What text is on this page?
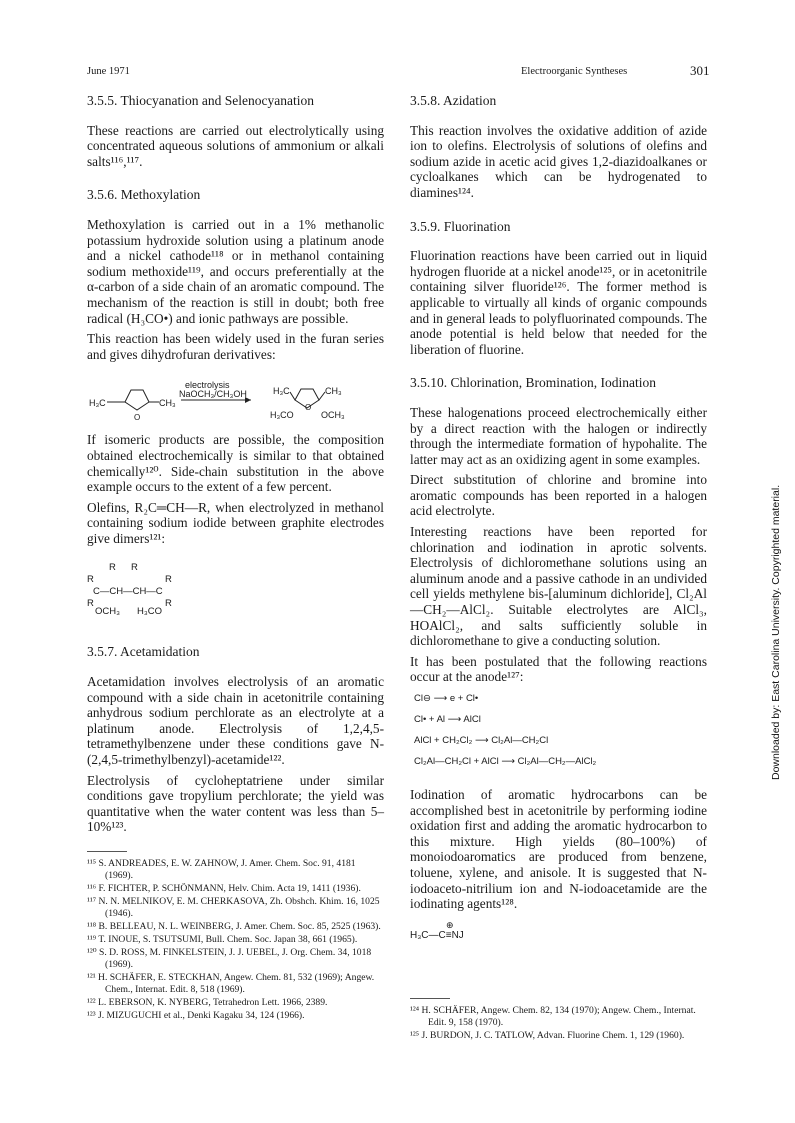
June 1971	Electroorganic Syntheses	301
3.5.5. Thiocyanation and Selenocyanation

These reactions are carried out electrolytically using concentrated aqueous solutions of ammonium or alkali salts¹¹⁶,¹¹⁷.

3.5.6. Methoxylation

Methoxylation is carried out in a 1% methanolic potassium hydroxide solution using a platinum anode and a nickel cathode¹¹⁸ or in methanol containing sodium methoxide¹¹⁹, and occurs preferentially at the α-carbon of a side chain of an aromatic compound. The mechanism of the reaction is still in doubt; both free radical (H₃CO•) and ionic pathways are possible.

This reaction has been widely used in the furan series and gives dihydrofuran derivatives:

H₃C	CH₃
O
electrolysis
NaOCH₃/CH₃OH	H₃C	CH₃
H₃CO
O
OCH₃

If isomeric products are possible, the composition obtained electrochemically is similar to that obtained chemically¹²⁰. Side-chain substitution in the above example occurs to the extent of a few percent.

Olefins, R₂C═CH—R, when electrolyzed in methanol containing sodium iodide between graphite electrodes give dimers¹²¹:

R R
R	R
C—CH—CH—C
R	R
OCH₃ H₃CO
3.5.7. Acetamidation

Acetamidation involves electrolysis of an aromatic compound with a side chain in acetonitrile containing anhydrous sodium perchlorate as an electrolyte at a platinum anode. Electrolysis of 1,2,4,5-tetramethylbenzene under these conditions gave N-(2,4,5-trimethylbenzyl)-acetamide¹²².

Electrolysis of cycloheptatriene under similar conditions gave tropylium perchlorate; the yield was quantitative when the water content was less than 5–10%¹²³.

¹¹⁵ S. ANDREADES, E. W. ZAHNOW, J. Amer. Chem. Soc. 91, 4181 (1969).
¹¹⁶ F. FICHTER, P. SCHÖNMANN, Helv. Chim. Acta 19, 1411 (1936).
¹¹⁷ N. N. MELNIKOV, E. M. CHERKASOVA, Zh. Obshch. Khim. 16, 1025 (1946).
¹¹⁸ B. BELLEAU, N. L. WEINBERG, J. Amer. Chem. Soc. 85, 2525 (1963).
¹¹⁹ T. INOUE, S. TSUTSUMI, Bull. Chem. Soc. Japan 38, 661 (1965).
¹²⁰ S. D. ROSS, M. FINKELSTEIN, J. J. UEBEL, J. Org. Chem. 34, 1018 (1969).
¹²¹ H. SCHÄFER, E. STECKHAN, Angew. Chem. 81, 532 (1969); Angew. Chem., Internat. Edit. 8, 518 (1969).
¹²² L. EBERSON, K. NYBERG, Tetrahedron Lett. 1966, 2389.
¹²³ J. MIZUGUCHI et al., Denki Kagaku 34, 124 (1966).
3.5.8. Azidation

This reaction involves the oxidative addition of azide ion to olefins. Electrolysis of solutions of olefins and sodium azide in acetic acid gives 1,2-diazidoalkanes or cycloalkanes which can be hydrogenated to diamines¹²⁴.

3.5.9. Fluorination

Fluorination reactions have been carried out in liquid hydrogen fluoride at a nickel anode¹²⁵, or in acetonitrile containing silver fluoride¹²⁶. The former method is applicable to virtually all kinds of organic compounds and in general leads to polyfluorinated compounds. The anode potential is held below that needed for the liberation of fluorine.

3.5.10. Chlorination, Bromination, Iodination

These halogenations proceed electrochemically either by a direct reaction with the halogen or indirectly through the intermediate formation of hypohalite. The latter may act as an oxidizing agent in some examples.

Direct substitution of chlorine and bromine into aromatic compounds has been reported in a halogen acid electrolyte.

Interesting reactions have been reported for chlorination and iodination in aprotic solvents. Electrolysis of dichloromethane solutions using an aluminum anode and a passive cathode in an undivided cell yields methylene bis-[aluminum dichloride], Cl₂Al—CH₂—AlCl₂. Suitable electrolytes are AlCl₃, HOAlCl₂, and salts sufficiently soluble in dichloromethane to give a conducting solution.

It has been postulated that the following reactions occur at the anode¹²⁷:

Cl⊖ ⟶ e + Cl•
Cl• + Al ⟶ AlCl
AlCl + CH₂Cl₂ ⟶ Cl₂Al—CH₂Cl
Cl₂Al—CH₂Cl + AlCl ⟶ Cl₂Al—CH₂—AlCl₂

Iodination of aromatic hydrocarbons can be accomplished best in acetonitrile by performing iodine oxidation first and adding the aromatic hydrocarbon to this mixture. High yields (80–100%) of monoiodoaromatics are produced from benzene, toluene, xylene, and anisole. It is suggested that N-iodoaceto-nitrilium ion and N-iodoacetamide are the iodinating agents¹²⁸.

⊕
H₃C—C≡NJ
¹²⁴ H. SCHÄFER, Angew. Chem. 82, 134 (1970); Angew. Chem., Internat. Edit. 9, 158 (1970).
¹²⁵ J. BURDON, J. C. TATLOW, Advan. Fluorine Chem. 1, 129 (1960).
Downloaded by: East Carolina University. Copyrighted material.
